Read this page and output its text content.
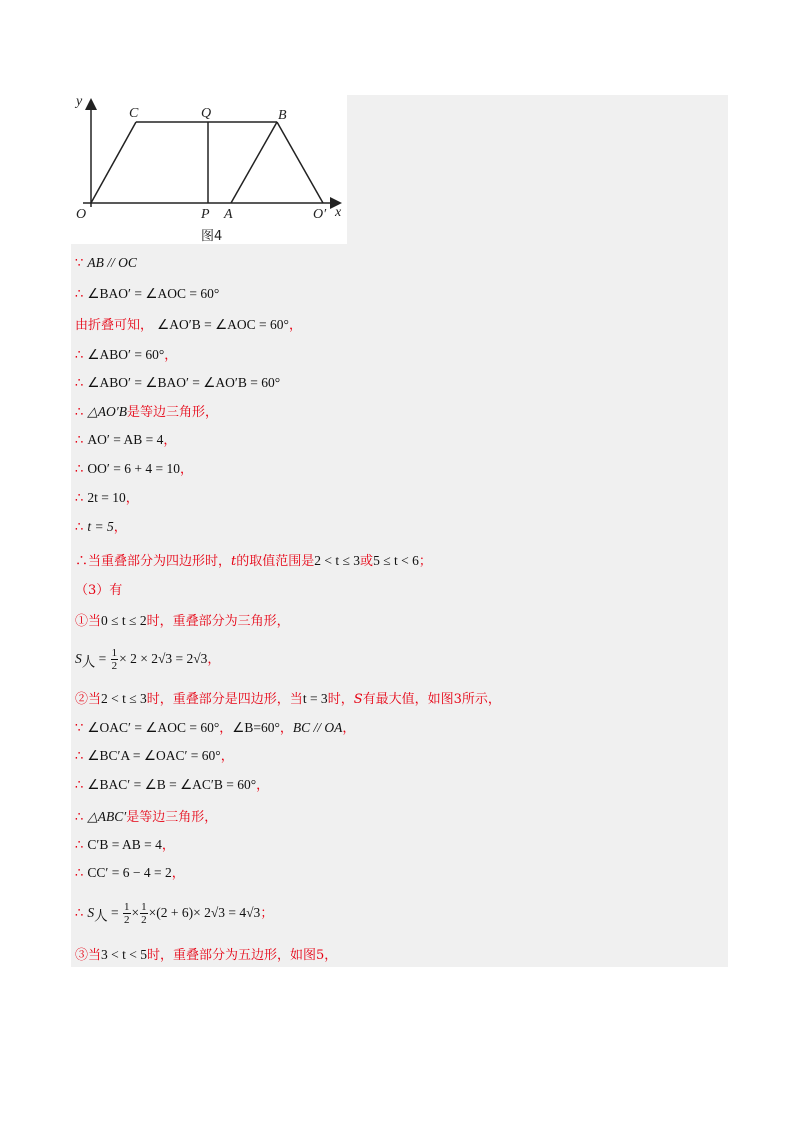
y
C	Q	B
O	P A	O′ x
图4
∵ AB // OC
∴ ∠BAO′ = ∠AOC = 60°
由折叠可知， ∠AO′B = ∠AOC = 60°，
∴ ∠ABO′ = 60°，
∴ ∠ABO′ = ∠BAO′ = ∠AO′B = 60°
∴ △AO′B是等边三角形，
∴ AO′ = AB = 4，
∴ OO′ = 6 + 4 = 10，
∴ 2t = 10，
∴ t = 5，
∴当重叠部分为四边形时，t的取值范围是2 < t ≤ 3或5 ≤ t < 6；
（3）有
①当0 ≤ t ≤ 2时，重叠部分为三角形，
$S_人 = \frac{1}{2} \times 2 \times 2√3 = 2√3$，
②当2 < t ≤ 3时，重叠部分是四边形，当t = 3时，S有最大值，如图3所示，
∵ ∠OAC′ = ∠AOC = 60°，∠B=60°，BC // OA，
∴ ∠BC′A = ∠OAC′ = 60°，
∴ ∠BAC′ = ∠B = ∠AC′B = 60°，
∴ △ABC′是等边三角形，
∴ C′B = AB = 4，
∴ CC′ = 6 − 4 = 2，
∴ $S_人 = \frac{1}{2} \times \frac{1}{2} \times(2 + 6)\times 2√3 = 4√3$；
③当3 < t < 5时，重叠部分为五边形，如图5，
